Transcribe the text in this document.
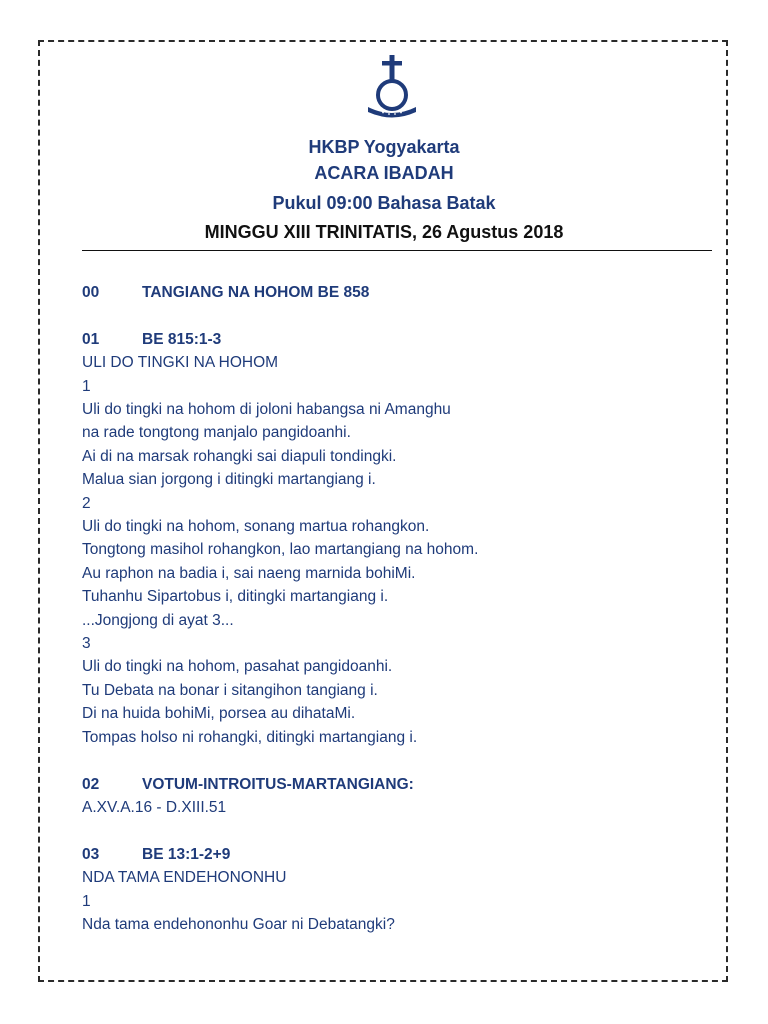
HKBP Yogyakarta
ACARA IBADAH
Pukul 09:00 Bahasa Batak
MINGGU XIII TRINITATIS, 26 Agustus 2018
00	TANGIANG NA HOHOM BE 858
01	BE 815:1-3
ULI DO TINGKI NA HOHOM
1
Uli do tingki na hohom di joloni habangsa ni Amanghu
na rade tongtong manjalo pangidoanhi.
Ai di na marsak rohangki sai diapuli tondingki.
Malua sian jorgong i ditingki martangiang i.
2
Uli do tingki na hohom, sonang martua rohangkon.
Tongtong masihol rohangkon, lao martangiang na hohom.
Au raphon na badia i, sai naeng marnida bohiMi.
Tuhanhu Sipartobus i, ditingki martangiang i.
...Jongjong di ayat 3...
3
Uli do tingki na hohom, pasahat pangidoanhi.
Tu Debata na bonar i sitangihon tangiang i.
Di na huida bohiMi, porsea au dihataMi.
Tompas holso ni rohangki, ditingki martangiang i.
02	VOTUM-INTROITUS-MARTANGIANG:
A.XV.A.16 - D.XIII.51
03	BE 13:1-2+9
NDA TAMA ENDEHONONHU
1
Nda tama endehononhu Goar ni Debatangki?
